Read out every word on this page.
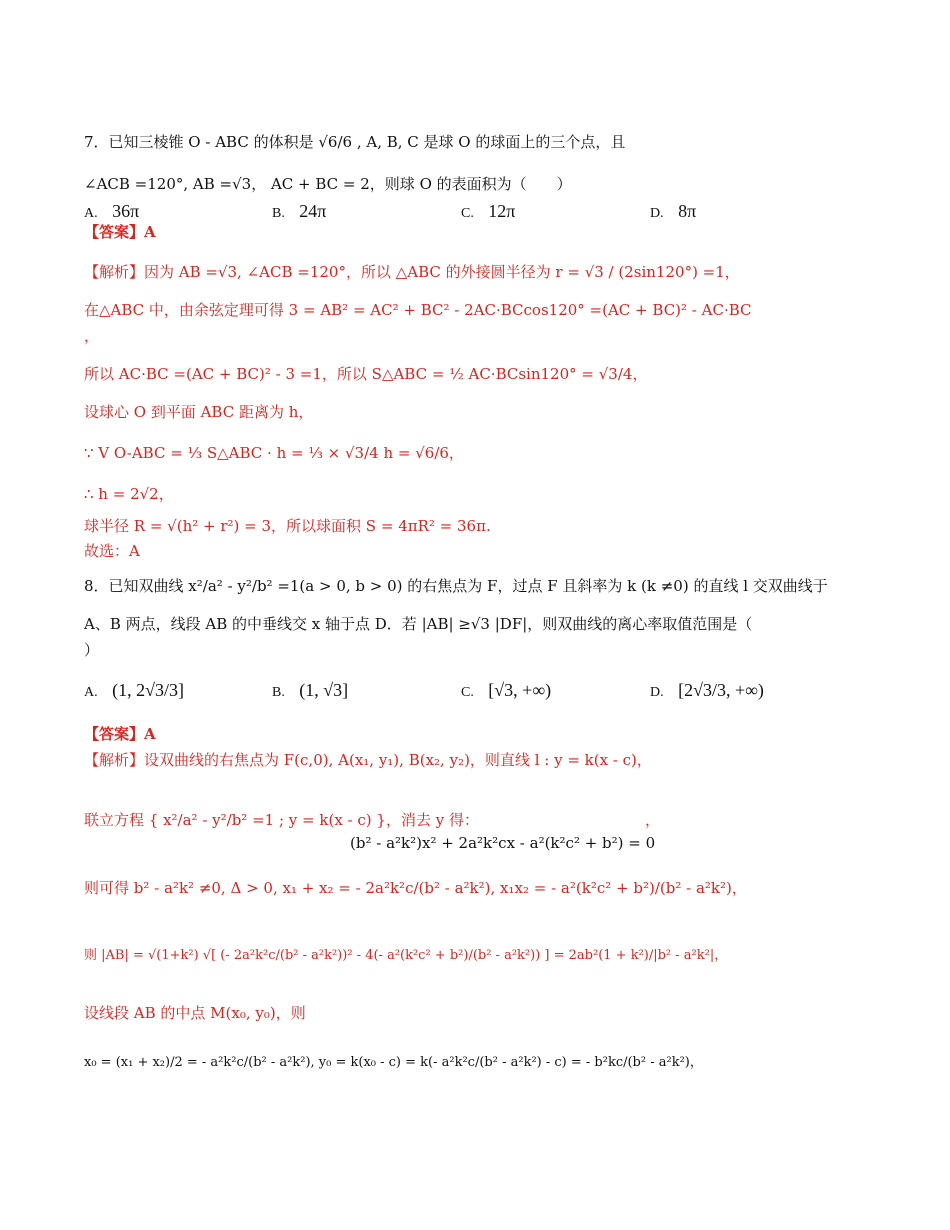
7．已知三棱锥 O - ABC 的体积是 √6/6 , A, B, C 是球 O 的球面上的三个点，且
∠ACB =120°, AB =√3， AC + BC = 2，则球 O 的表面积为（　　）
A. 36π	B. 24π	C. 12π	D. 8π
【答案】A
【解析】因为 AB =√3, ∠ACB =120°，所以 △ABC 的外接圆半径为 r = √3 / (2sin120°) =1，
在△ABC 中，由余弦定理可得 3 = AB² = AC² + BC² - 2AC·BCcos120° =(AC + BC)² - AC·BC
，
所以 AC·BC =(AC + BC)² - 3 =1，所以 S△ABC = ½ AC·BCsin120° = √3/4，
设球心 O 到平面 ABC 距离为 h，
∵ V O-ABC = ⅓ S△ABC · h = ⅓ × √3/4 h = √6/6，
∴ h = 2√2，
球半径 R = √(h² + r²) = 3，所以球面积 S = 4πR² = 36π.
故选：A
8．已知双曲线 x²/a² - y²/b² =1(a > 0, b > 0) 的右焦点为 F，过点 F 且斜率为 k (k ≠0) 的直线 l 交双曲线于
A、B 两点，线段 AB 的中垂线交 x 轴于点 D．若 |AB| ≥√3 |DF|，则双曲线的离心率取值范围是（
）
A. (1, 2√3/3]	B. (1, √3]	C. [√3, +∞)	D. [2√3/3, +∞)
【答案】A
【解析】设双曲线的右焦点为 F(c,0), A(x₁, y₁), B(x₂, y₂)，则直线 l : y = k(x - c)，
联立方程 { x²/a² - y²/b² =1 ; y = k(x - c) }，消去 y 得：
(b² - a²k²)x² + 2a²k²cx - a²(k²c² + b²) = 0
，
则可得 b² - a²k² ≠0, Δ > 0, x₁ + x₂ = - 2a²k²c/(b² - a²k²), x₁x₂ = - a²(k²c² + b²)/(b² - a²k²)，
则 |AB| = √(1+k²) √[ (- 2a²k²c/(b² - a²k²))² - 4(- a²(k²c² + b²)/(b² - a²k²)) ] = 2ab²(1 + k²)/|b² - a²k²|，
设线段 AB 的中点 M(x₀, y₀)，则
x₀ = (x₁ + x₂)/2 = - a²k²c/(b² - a²k²), y₀ = k(x₀ - c) = k(- a²k²c/(b² - a²k²) - c) = - b²kc/(b² - a²k²)，
